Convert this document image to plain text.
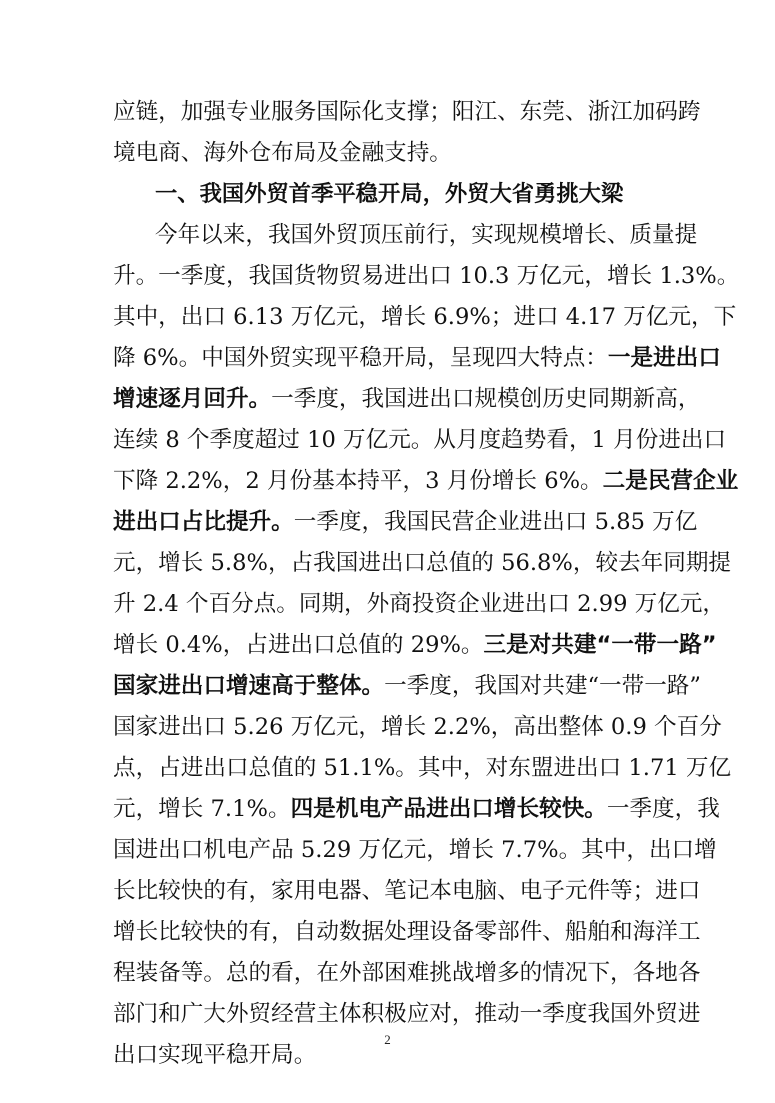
应链，加强专业服务国际化支撑；阳江、东莞、浙江加码跨
境电商、海外仓布局及金融支持。
一、我国外贸首季平稳开局，外贸大省勇挑大梁
今年以来，我国外贸顶压前行，实现规模增长、质量提
升。一季度，我国货物贸易进出口 10.3 万亿元，增长 1.3%。
其中，出口 6.13 万亿元，增长 6.9%；进口 4.17 万亿元，下
降 6%。中国外贸实现平稳开局，呈现四大特点：一是进出口
增速逐月回升。一季度，我国进出口规模创历史同期新高，
连续 8 个季度超过 10 万亿元。从月度趋势看，1 月份进出口
下降 2.2%，2 月份基本持平，3 月份增长 6%。二是民营企业
进出口占比提升。一季度，我国民营企业进出口 5.85 万亿
元，增长 5.8%，占我国进出口总值的 56.8%，较去年同期提
升 2.4 个百分点。同期，外商投资企业进出口 2.99 万亿元，
增长 0.4%，占进出口总值的 29%。三是对共建“一带一路”
国家进出口增速高于整体。一季度，我国对共建“一带一路”
国家进出口 5.26 万亿元，增长 2.2%，高出整体 0.9 个百分
点，占进出口总值的 51.1%。其中，对东盟进出口 1.71 万亿
元，增长 7.1%。四是机电产品进出口增长较快。一季度，我
国进出口机电产品 5.29 万亿元，增长 7.7%。其中，出口增
长比较快的有，家用电器、笔记本电脑、电子元件等；进口
增长比较快的有，自动数据处理设备零部件、船舶和海洋工
程装备等。总的看，在外部困难挑战增多的情况下，各地各
部门和广大外贸经营主体积极应对，推动一季度我国外贸进
出口实现平稳开局。
2
